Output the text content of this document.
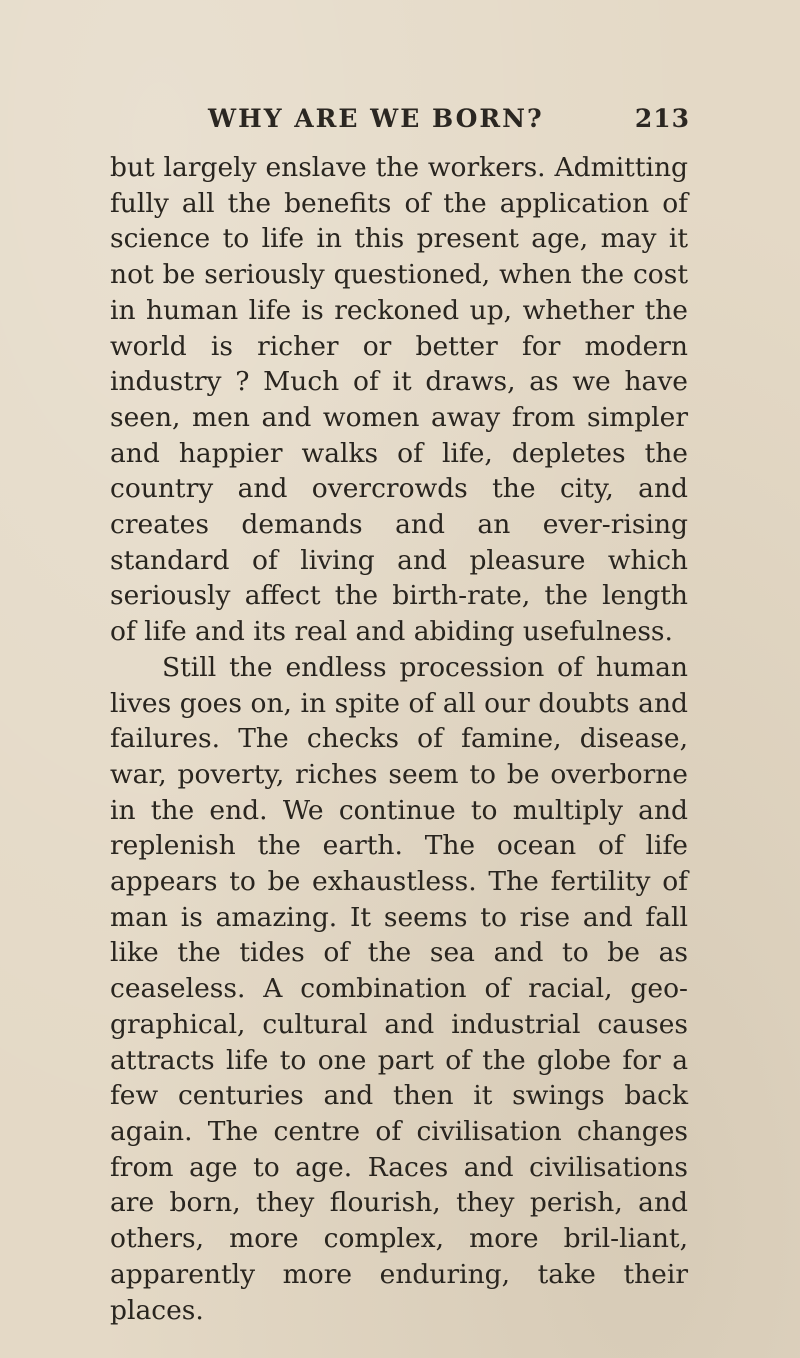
WHY ARE WE BORN?	213

but largely enslave the workers. Admitting fully all the benefits of the application of science to life in this present age, may it not be seriously questioned, when the cost in human life is reckoned up, whether the world is richer or better for modern industry ? Much of it draws, as we have seen, men and women away from simpler and happier walks of life, depletes the country and overcrowds the city, and creates demands and an ever-rising standard of living and pleasure which seriously affect the birth-rate, the length of life and its real and abiding usefulness.

Still the endless procession of human lives goes on, in spite of all our doubts and failures. The checks of famine, disease, war, poverty, riches seem to be overborne in the end. We continue to multiply and replenish the earth. The ocean of life appears to be exhaustless. The fertility of man is amazing. It seems to rise and fall like the tides of the sea and to be as ceaseless. A combination of racial, geo-graphical, cultural and industrial causes attracts life to one part of the globe for a few centuries and then it swings back again. The centre of civilisation changes from age to age. Races and civilisations are born, they flourish, they perish, and others, more complex, more bril-liant, apparently more enduring, take their places.
